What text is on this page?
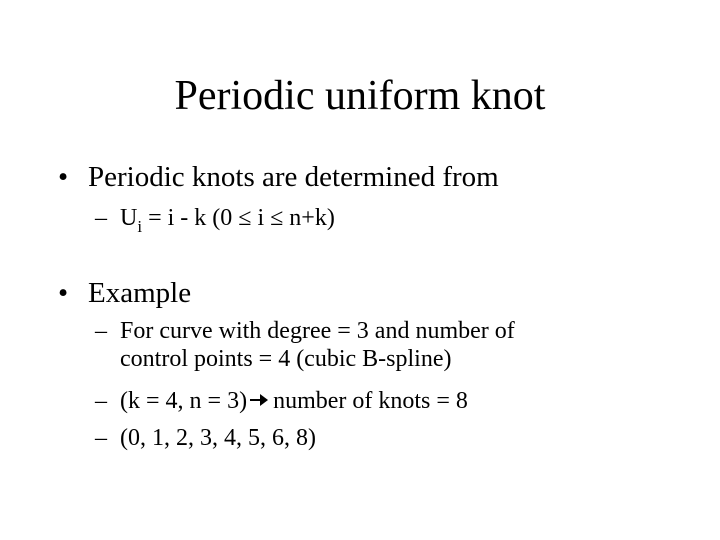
Periodic uniform knot
• Periodic knots are determined from
– $U_i = i - k$ (0 ≤ i ≤ n+k)
• Example
– For curve with degree = 3 and number of
control points = 4 (cubic B-spline)
– (k = 4, n = 3) number of knots = 8
– (0, 1, 2, 3, 4, 5, 6, 8)
